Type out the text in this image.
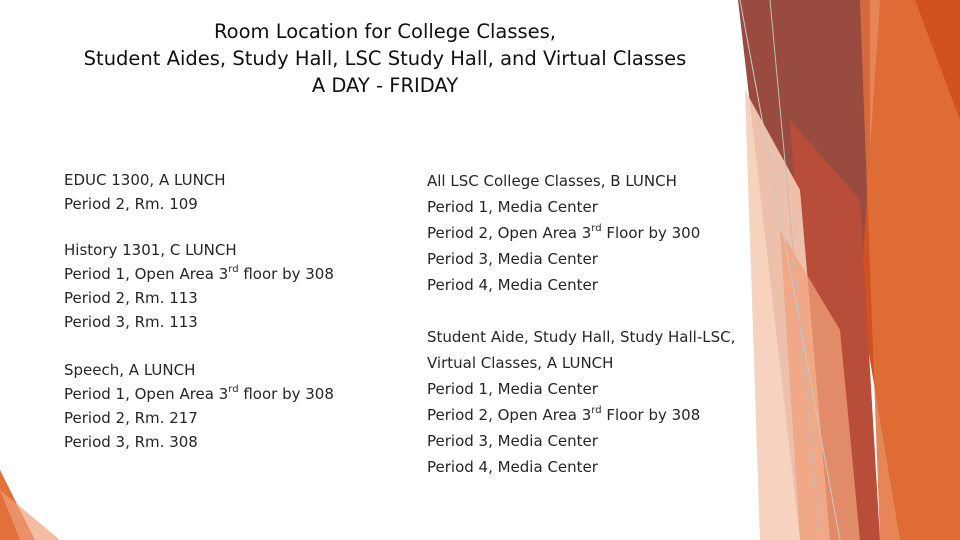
Room Location for College Classes,
Student Aides, Study Hall, LSC Study Hall, and Virtual Classes
A DAY - FRIDAY
EDUC 1300, A LUNCH
Period 2, Rm. 109
History 1301, C LUNCH
Period 1, Open Area 3rd floor by 308
Period 2, Rm. 113
Period 3, Rm. 113
Speech, A LUNCH
Period 1, Open Area 3rd floor by 308
Period 2, Rm. 217
Period 3, Rm. 308
All LSC College Classes, B LUNCH
Period 1, Media Center
Period 2, Open Area 3rd Floor by 300
Period 3, Media Center
Period 4, Media Center
Student Aide, Study Hall, Study Hall-LSC,
Virtual Classes, A LUNCH
Period 1, Media Center
Period 2, Open Area 3rd Floor by 308
Period 3, Media Center
Period 4, Media Center
